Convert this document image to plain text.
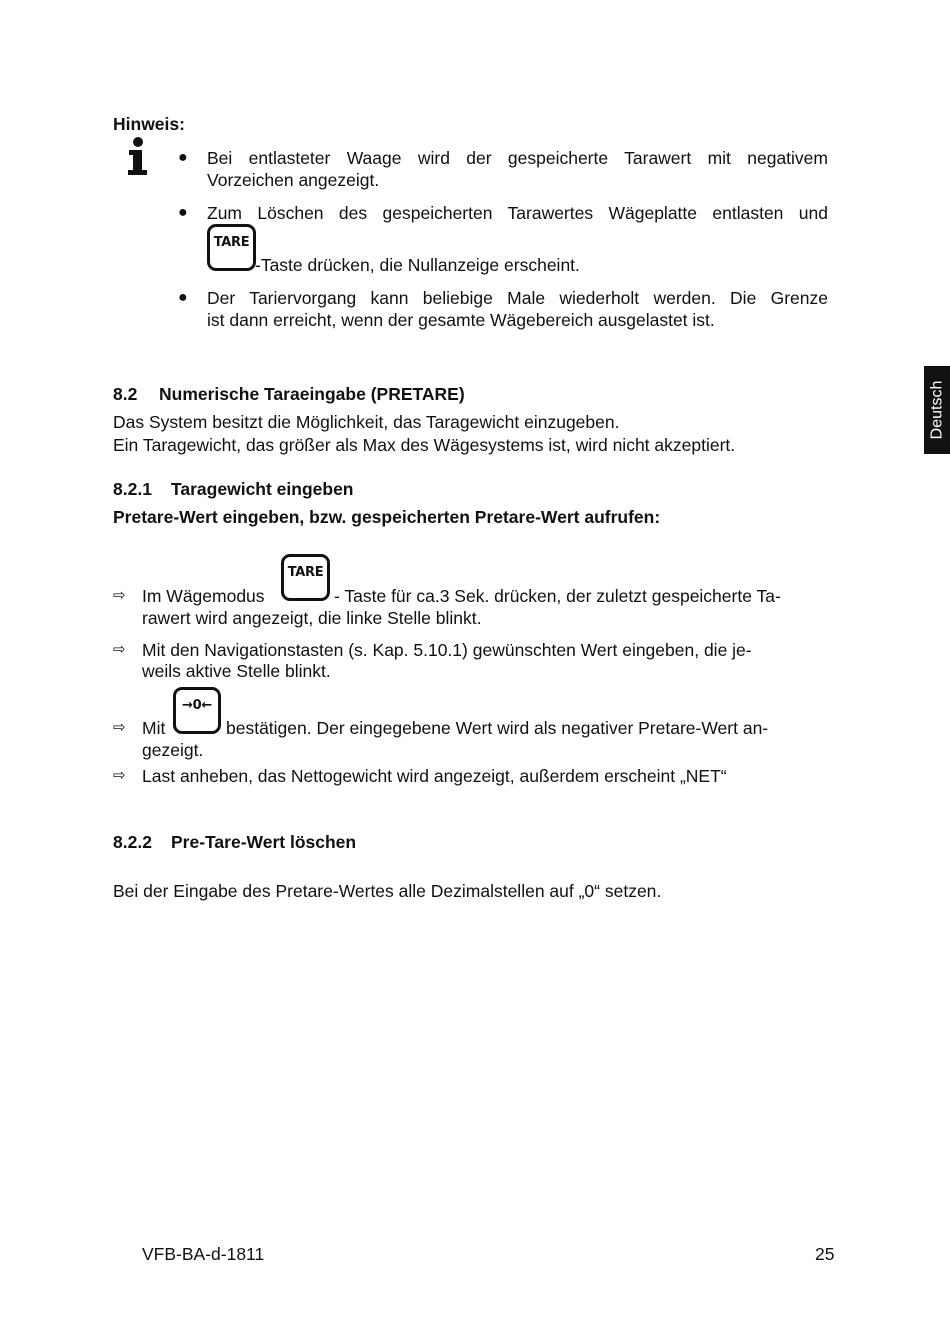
Hinweis:
● Bei entlasteter Waage wird der gespeicherte Tarawert mit negativem
Vorzeichen angezeigt.
● Zum Löschen des gespeicherten Tarawertes Wägeplatte entlasten und
TARE
-Taste drücken, die Nullanzeige erscheint.
● Der Tariervorgang kann beliebige Male wiederholt werden. Die Grenze
ist dann erreicht, wenn der gesamte Wägebereich ausgelastet ist.
8.2 Numerische Taraeingabe (PRETARE)
Das System besitzt die Möglichkeit, das Taragewicht einzugeben.
Ein Taragewicht, das größer als Max des Wägesystems ist, wird nicht akzeptiert.
8.2.1 Taragewicht eingeben
Pretare-Wert eingeben, bzw. gespeicherten Pretare-Wert aufrufen:
⇨ Im Wägemodus
TARE
- Taste für ca.3 Sek. drücken, der zuletzt gespeicherte Ta-
rawert wird angezeigt, die linke Stelle blinkt.
⇨ Mit den Navigationstasten (s. Kap. 5.10.1) gewünschten Wert eingeben, die je-
weils aktive Stelle blinkt.
⇨ Mit
→0←
bestätigen. Der eingegebene Wert wird als negativer Pretare-Wert an-
gezeigt.
⇨ Last anheben, das Nettogewicht wird angezeigt, außerdem erscheint „NET“
8.2.2 Pre-Tare-Wert löschen
Bei der Eingabe des Pretare-Wertes alle Dezimalstellen auf „0“ setzen.
Deutsch
VFB-BA-d-1811	25
